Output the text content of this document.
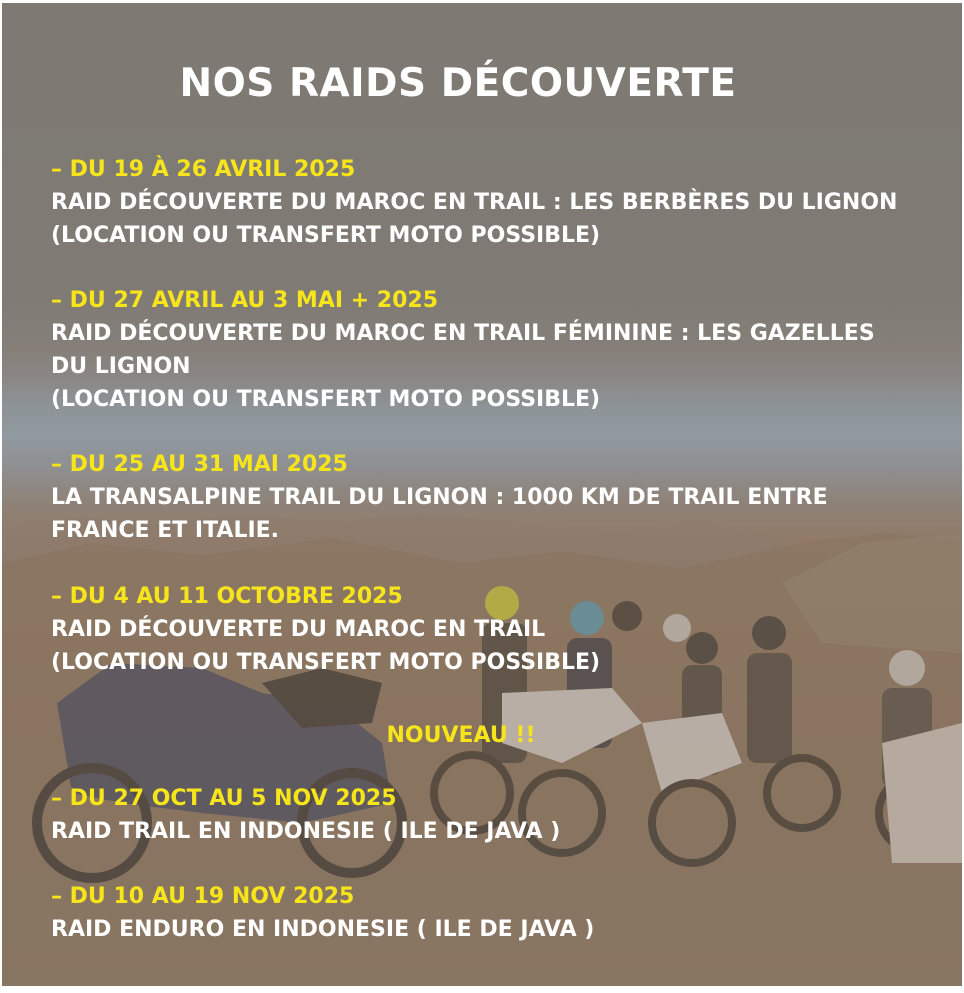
NOS RAIDS DÉCOUVERTE
– DU 19 À 26 AVRIL 2025
RAID DÉCOUVERTE DU MAROC EN TRAIL : LES BERBÈRES DU LIGNON
(LOCATION OU TRANSFERT MOTO POSSIBLE)
– DU 27 AVRIL AU 3 MAI + 2025
RAID DÉCOUVERTE DU MAROC EN TRAIL FÉMININE : LES GAZELLES
DU LIGNON
(LOCATION OU TRANSFERT MOTO POSSIBLE)
– DU 25 AU 31 MAI 2025
LA TRANSALPINE TRAIL DU LIGNON : 1000 KM DE TRAIL ENTRE
FRANCE ET ITALIE.
– DU 4 AU 11 OCTOBRE 2025
RAID DÉCOUVERTE DU MAROC EN TRAIL
(LOCATION OU TRANSFERT MOTO POSSIBLE)
NOUVEAU !!
– DU 27 OCT AU 5 NOV 2025
RAID TRAIL EN INDONESIE ( ILE DE JAVA )
– DU 10 AU 19 NOV 2025
RAID ENDURO EN INDONESIE ( ILE DE JAVA )
